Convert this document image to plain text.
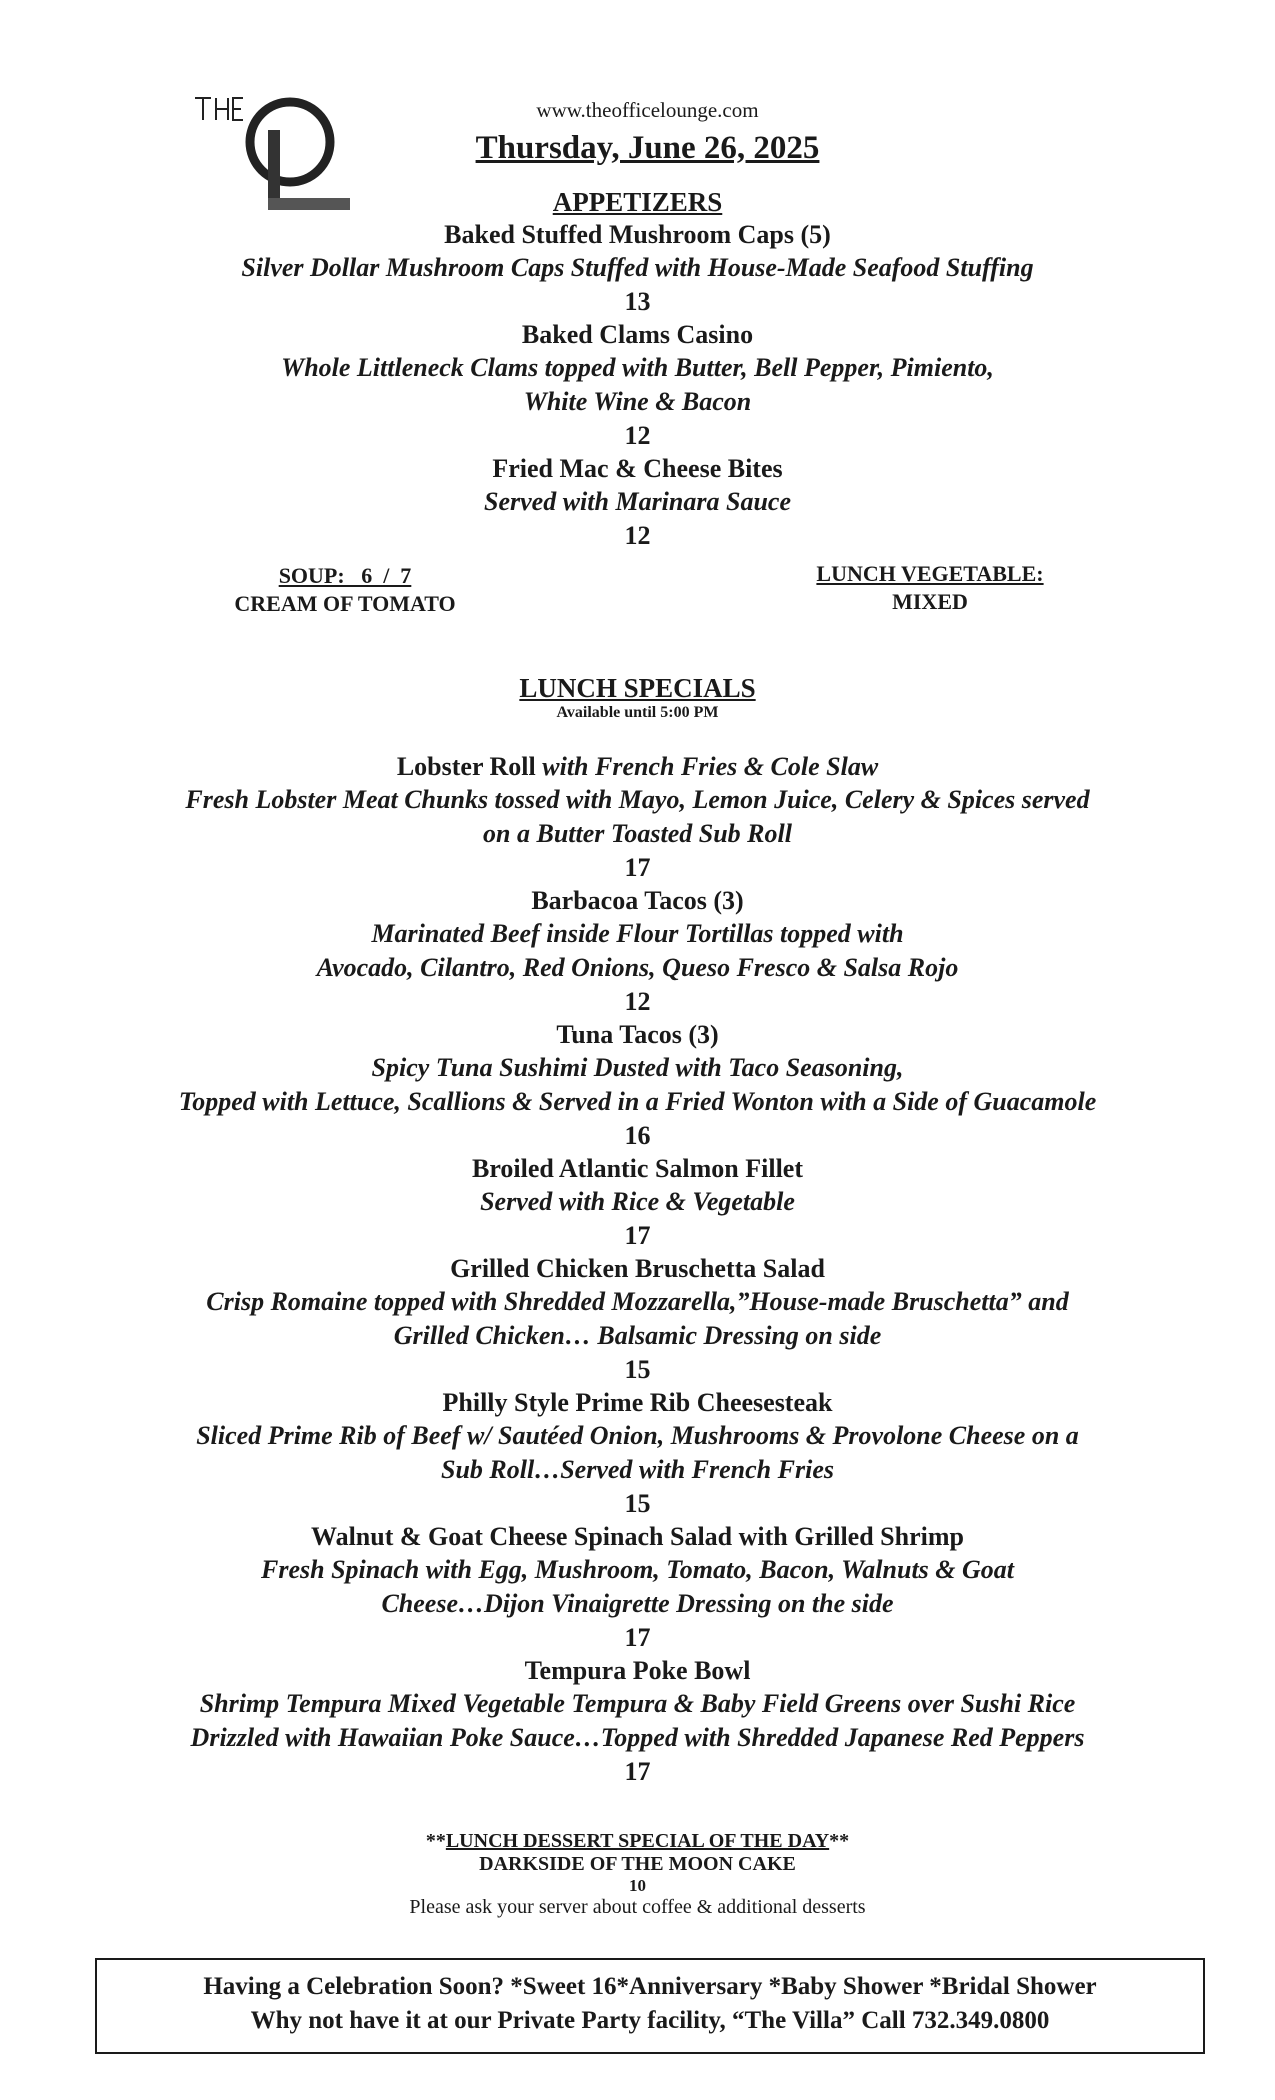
www.theofficelounge.com
Thursday, June 26, 2025
APPETIZERS
Baked Stuffed Mushroom Caps (5)
Silver Dollar Mushroom Caps Stuffed with House-Made Seafood Stuffing
13
Baked Clams Casino
Whole Littleneck Clams topped with Butter, Bell Pepper, Pimiento,
White Wine & Bacon
12
Fried Mac & Cheese Bites
Served with Marinara Sauce
12
SOUP:   6  /  7
CREAM OF TOMATO
LUNCH VEGETABLE:
MIXED
LUNCH SPECIALS
Available until 5:00 PM
Lobster Roll with French Fries & Cole Slaw
Fresh Lobster Meat Chunks tossed with Mayo, Lemon Juice, Celery & Spices served
on a Butter Toasted Sub Roll
17
Barbacoa Tacos (3)
Marinated Beef inside Flour Tortillas topped with
Avocado, Cilantro, Red Onions, Queso Fresco & Salsa Rojo
12
Tuna Tacos (3)
Spicy Tuna Sushimi Dusted with Taco Seasoning,
Topped with Lettuce, Scallions & Served in a Fried Wonton with a Side of Guacamole
16
Broiled Atlantic Salmon Fillet
Served with Rice & Vegetable
17
Grilled Chicken Bruschetta Salad
Crisp Romaine topped with Shredded Mozzarella,”House-made Bruschetta” and
Grilled Chicken… Balsamic Dressing on side
15
Philly Style Prime Rib Cheesesteak
Sliced Prime Rib of Beef w/ Sautéed Onion, Mushrooms & Provolone Cheese on a
Sub Roll…Served with French Fries
15
Walnut & Goat Cheese Spinach Salad with Grilled Shrimp
Fresh Spinach with Egg, Mushroom, Tomato, Bacon, Walnuts & Goat
Cheese…Dijon Vinaigrette Dressing on the side
17
Tempura Poke Bowl
Shrimp Tempura Mixed Vegetable Tempura & Baby Field Greens over Sushi Rice
Drizzled with Hawaiian Poke Sauce…Topped with Shredded Japanese Red Peppers
17
**LUNCH DESSERT SPECIAL OF THE DAY**
DARKSIDE OF THE MOON CAKE
10
Please ask your server about coffee & additional desserts
Having a Celebration Soon? *Sweet 16*Anniversary *Baby Shower *Bridal Shower
Why not have it at our Private Party facility, “The Villa” Call 732.349.0800
